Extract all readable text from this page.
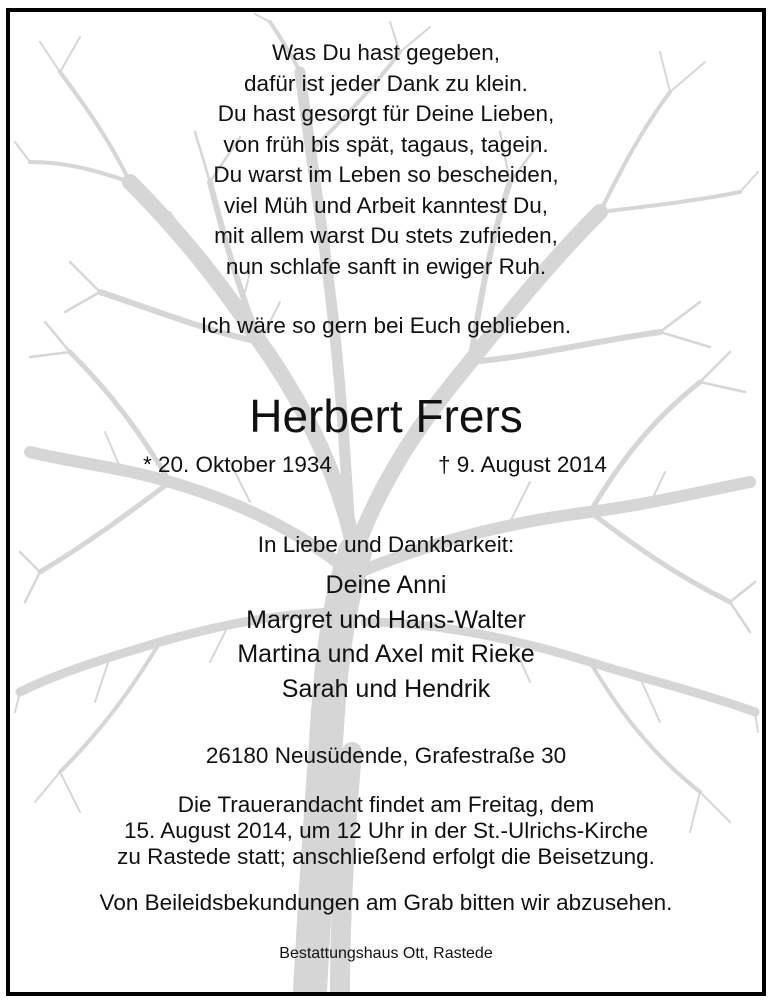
Was Du hast gegeben,
dafür ist jeder Dank zu klein.
Du hast gesorgt für Deine Lieben,
von früh bis spät, tagaus, tagein.
Du warst im Leben so bescheiden,
viel Müh und Arbeit kanntest Du,
mit allem warst Du stets zufrieden,
nun schlafe sanft in ewiger Ruh.
Ich wäre so gern bei Euch geblieben.
Herbert Frers
* 20. Oktober 1934	† 9. August 2014
In Liebe und Dankbarkeit:
Deine Anni
Margret und Hans-Walter
Martina und Axel mit Rieke
Sarah und Hendrik
26180 Neusüdende, Grafestraße 30
Die Trauerandacht findet am Freitag, dem
15. August 2014, um 12 Uhr in der St.-Ulrichs-Kirche
zu Rastede statt; anschließend erfolgt die Beisetzung.
Von Beileidsbekundungen am Grab bitten wir abzusehen.
Bestattungshaus Ott, Rastede
